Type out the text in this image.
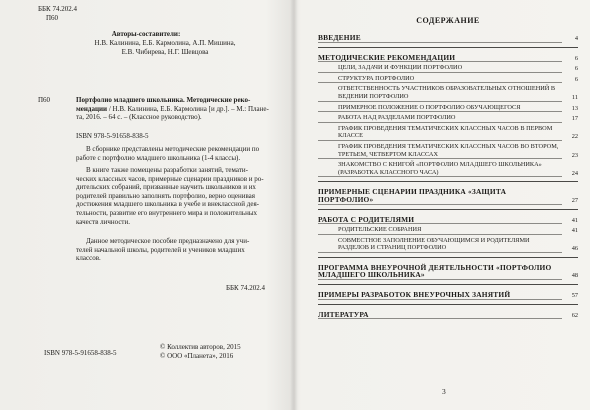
ББК 74.202.4
П60
Авторы-составители:
Н.В. Калинина, Е.Б. Кармолина, А.П. Мишина,
Е.В. Чибирева, Н.Г. Шевцова
П60	Портфолио младшего школьника. Методические реко-
мендации / Н.В. Калинина, Е.Б. Кармолина [и др.]. – М.: Плане-
та, 2016. – 64 с. – (Классное руководство).
ISBN 978-5-91658-838-5
В сборнике представлены методические рекомендации по
работе с портфолио младшего школьника (1-4 классы).
В книге также помещены разработки занятий, темати-
ческих классных часов, примерные сценарии праздников и ро-
дительских собраний, призванные научить школьников и их
родителей правильно заполнять портфолио, верно оценивая
достижения младшего школьника в учебе и внеклассной дея-
тельности, развитие его внутреннего мира и положительных
качеств личности.
Данное методическое пособие предназначено для учи-
телей начальной школы, родителей и учеников младших
классов.
ББК 74.202.4
ISBN 978-5-91658-838-5
© Коллектив авторов, 2015
© ООО «Планета», 2016
СОДЕРЖАНИЕ
ВВЕДЕНИЕ	4
МЕТОДИЧЕСКИЕ РЕКОМЕНДАЦИИ	6
ЦЕЛИ, ЗАДАЧИ И ФУНКЦИИ ПОРТФОЛИО	6
СТРУКТУРА ПОРТФОЛИО	6
ОТВЕТСТВЕННОСТЬ УЧАСТНИКОВ ОБРАЗОВАТЕЛЬНЫХ ОТНОШЕНИЙ В ВЕДЕНИИ ПОРТФОЛИО	11
ПРИМЕРНОЕ ПОЛОЖЕНИЕ О ПОРТФОЛИО ОБУЧАЮЩЕГОСЯ	13
РАБОТА НАД РАЗДЕЛАМИ ПОРТФОЛИО	17
ГРАФИК ПРОВЕДЕНИЯ ТЕМАТИЧЕСКИХ КЛАССНЫХ ЧАСОВ В ПЕРВОМ КЛАССЕ	22
ГРАФИК ПРОВЕДЕНИЯ ТЕМАТИЧЕСКИХ КЛАССНЫХ ЧАСОВ ВО ВТОРОМ, ТРЕТЬЕМ, ЧЕТВЕРТОМ КЛАССАХ	23
ЗНАКОМСТВО С КНИГОЙ «ПОРТФОЛИО МЛАДШЕГО ШКОЛЬНИКА» (РАЗРАБОТКА КЛАССНОГО ЧАСА)	24
ПРИМЕРНЫЕ СЦЕНАРИИ ПРАЗДНИКА «ЗАЩИТА ПОРТФОЛИО»	27
РАБОТА С РОДИТЕЛЯМИ	41
РОДИТЕЛЬСКИЕ СОБРАНИЯ	41
СОВМЕСТНОЕ ЗАПОЛНЕНИЕ ОБУЧАЮЩИМСЯ И РОДИТЕЛЯМИ РАЗДЕЛОВ И СТРАНИЦ ПОРТФОЛИО	46
ПРОГРАММА ВНЕУРОЧНОЙ ДЕЯТЕЛЬНОСТИ «ПОРТФОЛИО МЛАДШЕГО ШКОЛЬНИКА»	48
ПРИМЕРЫ РАЗРАБОТОК ВНЕУРОЧНЫХ ЗАНЯТИЙ	57
ЛИТЕРАТУРА	62
3
